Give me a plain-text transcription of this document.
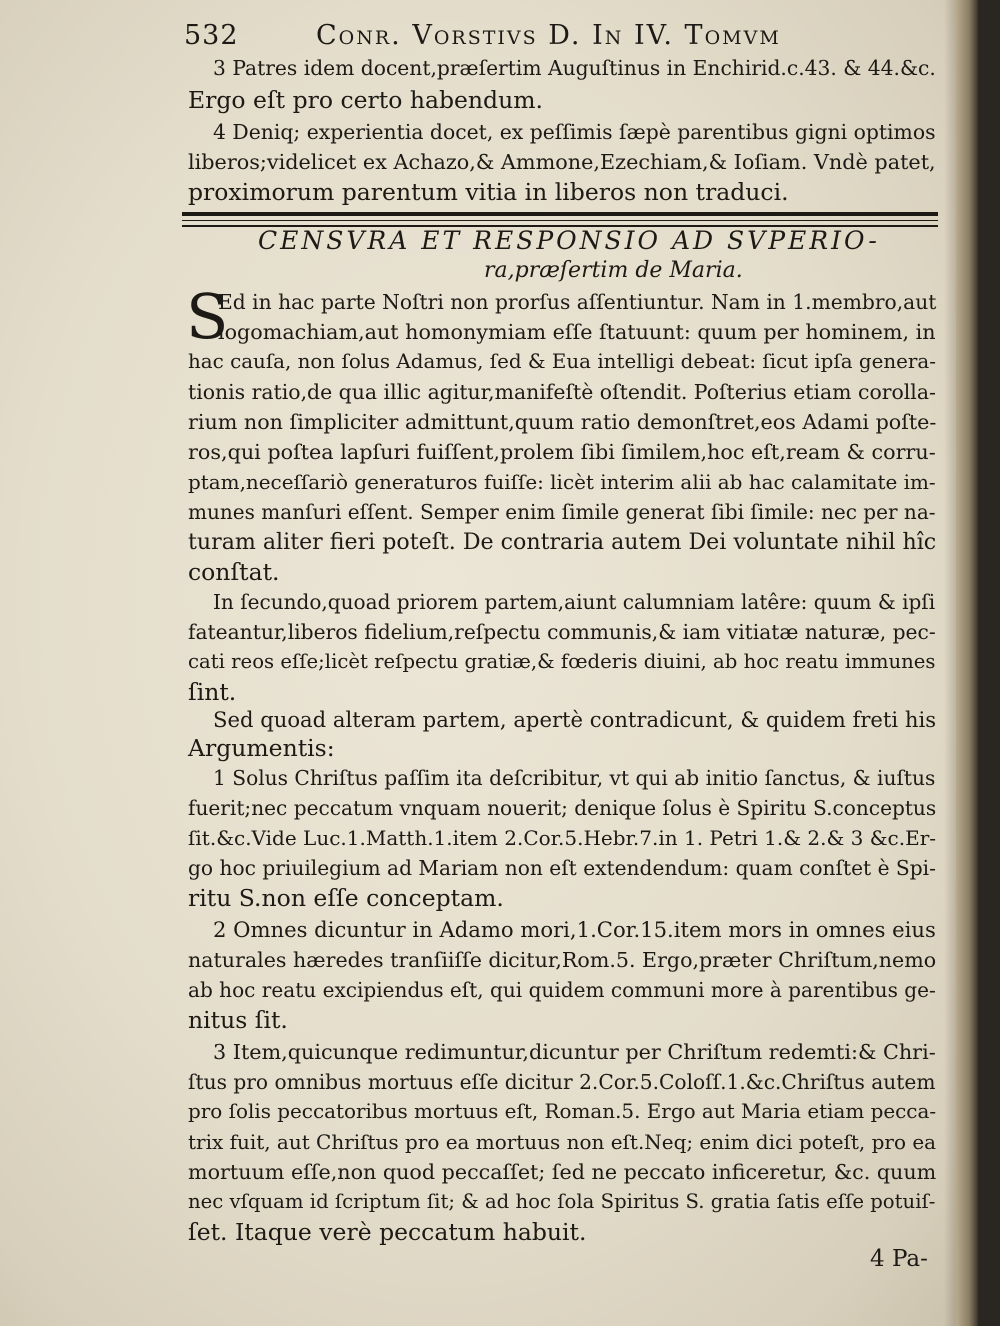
532	Conr. Vorstivs D. In IV. Tomvm
3 Patres idem docent,præſertim Auguſtinus in Enchirid.c.43. & 44.&c.
Ergo eſt pro certo habendum.
4 Deniq; experientia docet, ex peſſimis ſæpè parentibus gigni optimos
liberos;videlicet ex Achazo,& Ammone,Ezechiam,& Ioſiam. Vndè patet,
proximorum parentum vitia in liberos non traduci.
CENSVRA ET RESPONSIO AD SVPERIO-
ra,præſertim de Maria.
S
Ed in hac parte Noſtri non prorſus aſſentiuntur. Nam in 1.membro,aut
logomachiam,aut homonymiam eſſe ſtatuunt: quum per hominem, in
hac cauſa, non ſolus Adamus, ſed & Eua intelligi debeat: ſicut ipſa genera-
tionis ratio,de qua illic agitur,manifeſtè oſtendit. Poſterius etiam corolla-
rium non ſimpliciter admittunt,quum ratio demonſtret,eos Adami poſte-
ros,qui poſtea lapſuri fuiſſent,prolem ſibi ſimilem,hoc eſt,ream & corru-
ptam,neceſſariò generaturos fuiſſe: licèt interim alii ab hac calamitate im-
munes manſuri eſſent. Semper enim ſimile generat ſibi ſimile: nec per na-
turam aliter fieri poteſt. De contraria autem Dei voluntate nihil hîc
conſtat.
In ſecundo,quoad priorem partem,aiunt calumniam latêre: quum & ipſi
fateantur,liberos fidelium,reſpectu communis,& iam vitiatæ naturæ, pec-
cati reos eſſe;licèt reſpectu gratiæ,& fœderis diuini, ab hoc reatu immunes
ſint.
Sed quoad alteram partem, apertè contradicunt, & quidem freti his
Argumentis:
1 Solus Chriſtus paſſim ita deſcribitur, vt qui ab initio ſanctus, & iuſtus
fuerit;nec peccatum vnquam nouerit; denique ſolus è Spiritu S.conceptus
ſit.&c.Vide Luc.1.Matth.1.item 2.Cor.5.Hebr.7.in 1. Petri 1.& 2.& 3 &c.Er-
go hoc priuilegium ad Mariam non eſt extendendum: quam conſtet è Spi-
ritu S.non eſſe conceptam.
2 Omnes dicuntur in Adamo mori,1.Cor.15.item mors in omnes eius
naturales hæredes tranſiiſſe dicitur,Rom.5. Ergo,præter Chriſtum,nemo
ab hoc reatu excipiendus eſt, qui quidem communi more à parentibus ge-
nitus ſit.
3 Item,quicunque redimuntur,dicuntur per Chriſtum redemti:& Chri-
ſtus pro omnibus mortuus eſſe dicitur 2.Cor.5.Coloſſ.1.&c.Chriſtus autem
pro ſolis peccatoribus mortuus eſt, Roman.5. Ergo aut Maria etiam pecca-
trix fuit, aut Chriſtus pro ea mortuus non eſt.Neq; enim dici poteſt, pro ea
mortuum eſſe,non quod peccaſſet; ſed ne peccato inficeretur, &c. quum
nec vſquam id ſcriptum ſit; & ad hoc ſola Spiritus S. gratia ſatis eſſe potuiſ-
ſet. Itaque verè peccatum habuit.
4 Pa-
